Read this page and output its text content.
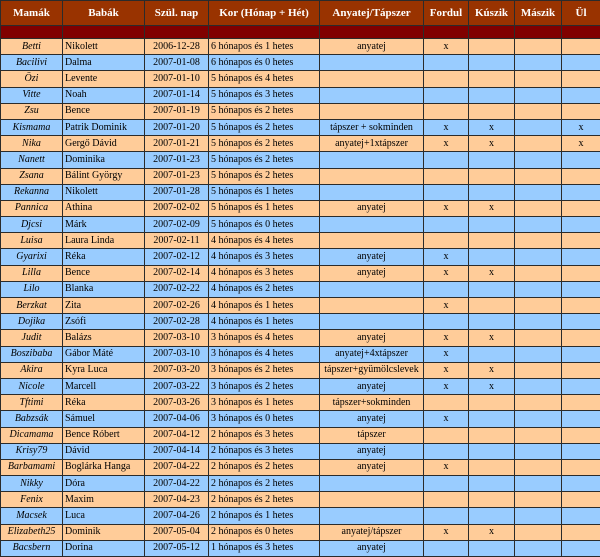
Mamák	Babák	Szül. nap	Kor (Hónap + Hét)	Anyatej/Tápszer	Fordul	Kúszik	Mászik	Ül

Betti	Nikolett	2006-12-28	6 hónapos és 1 hetes	anyatej	x			
Bacilivi	Dalma	2007-01-08	6 hónapos és 0 hetes					
Özi	Levente	2007-01-10	5 hónapos és 4 hetes					
Vitte	Noah	2007-01-14	5 hónapos és 3 hetes					
Zsu	Bence	2007-01-19	5 hónapos és 2 hetes					
Kismama	Patrik Dominik	2007-01-20	5 hónapos és 2 hetes	tápszer + sokminden	x	x		x
Nika	Gergő Dávid	2007-01-21	5 hónapos és 2 hetes	anyatej+1xtápszer	x	x		x
Nanett	Dominika	2007-01-23	5 hónapos és 2 hetes					
Zsana	Bálint György	2007-01-23	5 hónapos és 2 hetes					
Rekanna	Nikolett	2007-01-28	5 hónapos és 1 hetes					
Pannica	Athina	2007-02-02	5 hónapos és 1 hetes	anyatej	x	x		
Djcsi	Márk	2007-02-09	5 hónapos és 0 hetes					
Luisa	Laura Linda	2007-02-11	4 hónapos és 4 hetes					
Gyarixi	Réka	2007-02-12	4 hónapos és 3 hetes	anyatej	x			
Lilla	Bence	2007-02-14	4 hónapos és 3 hetes	anyatej	x	x		
Lilo	Blanka	2007-02-22	4 hónapos és 2 hetes					
Berzkat	Zita	2007-02-26	4 hónapos és 1 hetes		x			
Dojika	Zsófi	2007-02-28	4 hónapos és 1 hetes					
Judit	Balázs	2007-03-10	3 hónapos és 4 hetes	anyatej	x	x		
Boszibaba	Gábor Máté	2007-03-10	3 hónapos és 4 hetes	anyatej+4xtápszer	x			
Akira	Kyra Luca	2007-03-20	3 hónapos és 2 hetes	tápszer+gyümölcslevek	x	x		
Nicole	Marcell	2007-03-22	3 hónapos és 2 hetes	anyatej	x	x		
Tftimi	Réka	2007-03-26	3 hónapos és 1 hetes	tápszer+sokminden				
Babzsák	Sámuel	2007-04-06	3 hónapos és 0 hetes	anyatej	x			
Dicamama	Bence Róbert	2007-04-12	2 hónapos és 3 hetes	tápszer				
Krisy79	Dávid	2007-04-14	2 hónapos és 3 hetes	anyatej				
Barbamami	Boglárka Hanga	2007-04-22	2 hónapos és 2 hetes	anyatej	x			
Nikky	Dóra	2007-04-22	2 hónapos és 2 hetes					
Fenix	Maxim	2007-04-23	2 hónapos és 2 hetes					
Macsek	Luca	2007-04-26	2 hónapos és 1 hetes					
Elizabeth25	Dominik	2007-05-04	2 hónapos és 0 hetes	anyatej/tápszer	x	x		
Bacsbern	Dorina	2007-05-12	1 hónapos és 3 hetes	anyatej				
